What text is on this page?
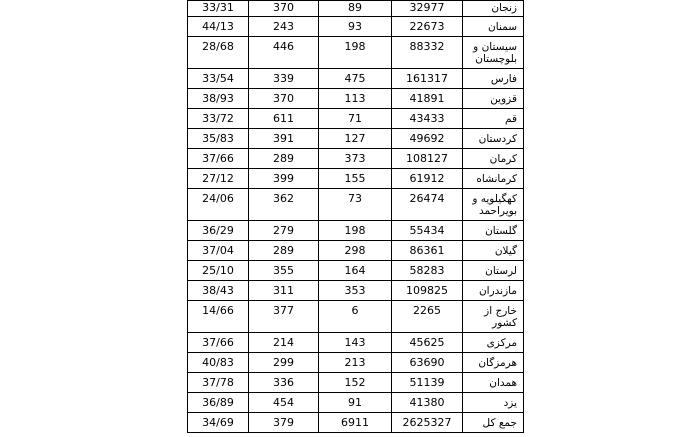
33/31	370	89	32977	زنجان
44/13	243	93	22673	سمنان
28/68	446	198	88332	سیستان و بلوچستان
33/54	339	475	161317	فارس
38/93	370	113	41891	قزوین
33/72	611	71	43433	قم
35/83	391	127	49692	کردستان
37/66	289	373	108127	کرمان
27/12	399	155	61912	کرمانشاه
24/06	362	73	26474	کهگیلویه و بویراحمد
36/29	279	198	55434	گلستان
37/04	289	298	86361	گیلان
25/10	355	164	58283	لرستان
38/43	311	353	109825	مازندران
14/66	377	6	2265	خارج از کشور
37/66	214	143	45625	مرکزی
40/83	299	213	63690	هرمزگان
37/78	336	152	51139	همدان
36/89	454	91	41380	یزد
34/69	379	6911	2625327	جمع کل
